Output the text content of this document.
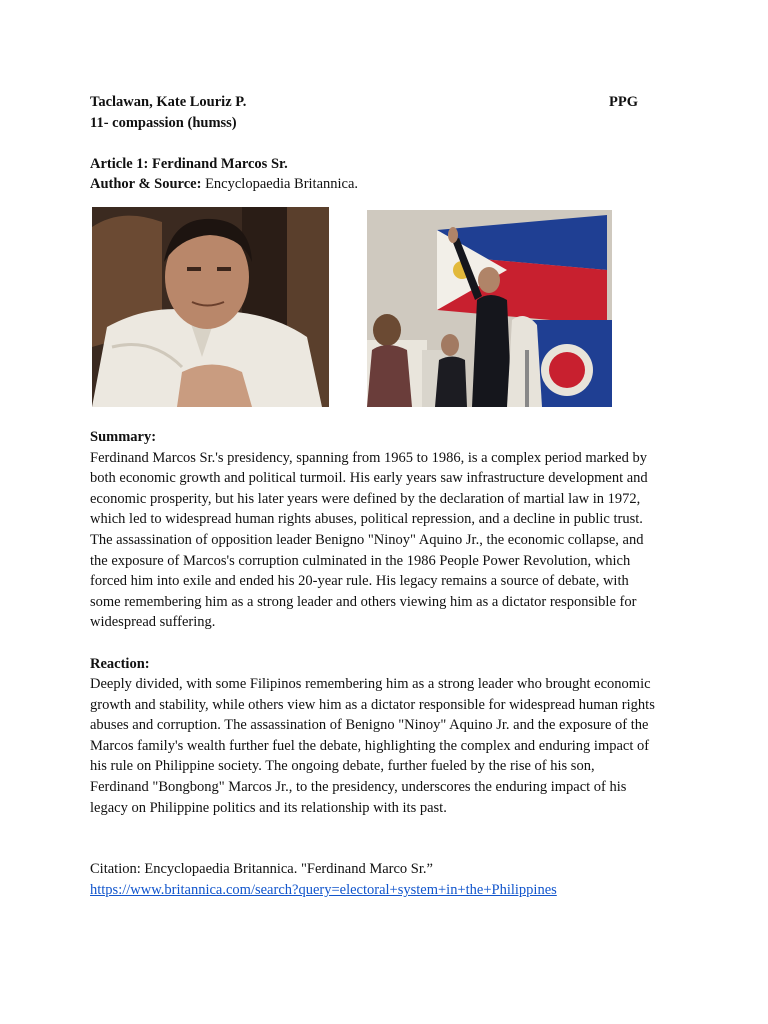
Taclawan, Kate Louriz P.	PPG
11- compassion (humss)
Article 1: Ferdinand Marcos Sr.
Author & Source: Encyclopaedia Britannica.
Summary:
Ferdinand Marcos Sr.'s presidency, spanning from 1965 to 1986, is a complex period marked by
both economic growth and political turmoil. His early years saw infrastructure development and
economic prosperity, but his later years were defined by the declaration of martial law in 1972,
which led to widespread human rights abuses, political repression, and a decline in public trust.
The assassination of opposition leader Benigno "Ninoy" Aquino Jr., the economic collapse, and
the exposure of Marcos's corruption culminated in the 1986 People Power Revolution, which
forced him into exile and ended his 20-year rule. His legacy remains a source of debate, with
some remembering him as a strong leader and others viewing him as a dictator responsible for
widespread suffering.
Reaction:
Deeply divided, with some Filipinos remembering him as a strong leader who brought economic
growth and stability, while others view him as a dictator responsible for widespread human rights
abuses and corruption. The assassination of Benigno "Ninoy" Aquino Jr. and the exposure of the
Marcos family's wealth further fuel the debate, highlighting the complex and enduring impact of
his rule on Philippine society. The ongoing debate, further fueled by the rise of his son,
Ferdinand "Bongbong" Marcos Jr., to the presidency, underscores the enduring impact of his
legacy on Philippine politics and its relationship with its past.
Citation: Encyclopaedia Britannica. "Ferdinand Marco Sr.”
https://www.britannica.com/search?query=electoral+system+in+the+Philippines
